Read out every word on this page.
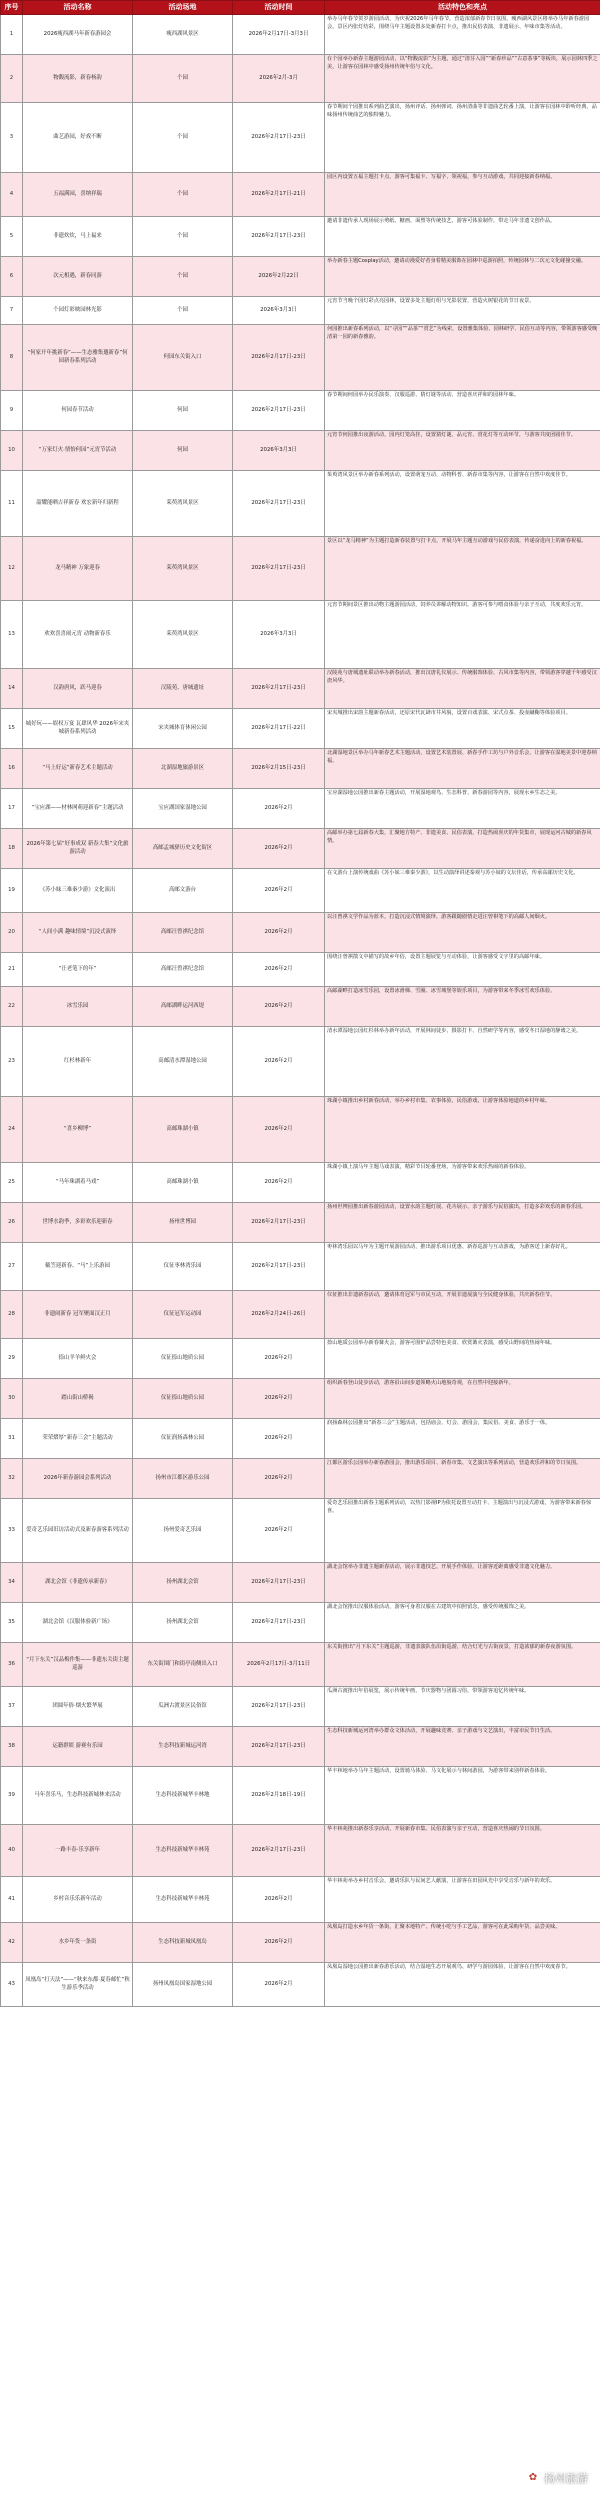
序号	活动名称	活动场地	活动时间	活动特色和亮点
1	2026瘦西湖马年新春游园会	瘦西湖风景区	2026年2月17日-3月3日	举办马年春节贺岁游园活动，为庆祝2026年马年春节，营造浓郁新春节日氛围，瘦西湖风景区将举办马年新春游园会。景区内张灯结彩，围绕马年主题设置多处新春打卡点，推出民俗表演、非遗展示、年味市集等活动。
2	物馥流影，新春杨韵	个园	2026年2月-3月	在个园举办新春主题游园活动，以“物馥流影”为主题，通过“清芬入园”“新春珍品”“古意茶事”等板块，展示园林四季之美，让游客在园林中感受扬州传统年俗与文化。
3	曲艺游园，好戏不断	个园	2026年2月17日-23日	春节期间个园推出系列曲艺演出，扬州评话、扬州弹词、扬州清曲等非遗曲艺轮番上演，让游客在园林中聆听经典，品味扬州传统曲艺的独特魅力。
4	五福满园，喜纳祥瑞	个园	2026年2月17日-21日	园区内设置五福主题打卡点，游客可集福卡、写福字、领祝福，参与互动游戏，共同迎接新春纳福。
5	非遗炊炊，马上福来	个园	2026年2月17日-23日	邀请非遗传承人现场展示剪纸、糖画、面塑等传统技艺，游客可体验制作，带走马年非遗文创作品。
6	次元相遇，新春同游	个园	2026年2月22日	举办新春主题Cosplay活动，邀请动漫爱好者身着精美服饰在园林中巡游拍照，传统园林与二次元文化碰撞交融。
7	个园灯彩映园林光影	个园	2026年3月3日	元宵节当晚个园灯彩点亮园林，设置多处主题灯组与光影装置，营造火树银花的节日夜景。
8	“何家开年挑新春”——生态雅集邀新春”何园新春系列活动	何园东关街入口	2026年2月17日-23日	何园推出新春系列活动，以“寻园”“品茶”“赏艺”为线索，设置雅集体验、园林研学、民俗互动等内容，带领游客感受晚清第一园的新春雅韵。
9	何园春节活动	何园	2026年2月17日-23日	春节期间何园举办民乐演奏、汉服巡游、猜灯谜等活动，营造喜庆祥和的园林年味。
10	“万家灯火·情怡何园”元宵节活动	何园	2026年3月3日	元宵节何园推出夜游活动，园内灯笼高挂，设置猜灯谜、品元宵、赏花灯等互动环节，与游客共度团圆佳节。
11	韶耀能晒吉祥新春 欢宏新年归新程	茱萸湾风景区	2026年2月17日-23日	茱萸湾风景区举办新春系列活动，设置萌宠互动、动物科普、新春市集等内容，让游客在自然中欢度佳节。
12	龙马精神 万象迎春	茱萸湾风景区	2026年2月17日-23日	景区以“龙马精神”为主题打造新春装置与打卡点，开展马年主题互动游戏与民俗表演，传递奋进向上的新春祝福。
13	欢欢喜喜闹元宵 动物新春乐	茱萸湾风景区	2026年3月3日	元宵节期间景区推出动物主题游园活动，饲养员讲解动物知识，游客可参与喂食体验与亲子互动，共度欢乐元宵。
14	汉韵唐风，跃马迎春	汉陵苑、唐城遗址	2026年2月17日-23日	汉陵苑与唐城遗址联动举办新春活动，推出汉唐礼仪展示、传统服饰体验、古风市集等内容，带领游客穿越千年感受汉唐风华。
15	城好玩——娱权万宴 瓦肆风华 2026年宋夹城新春系列活动	宋夹城体育休闲公园	2026年2月17日-22日	宋夹城推出宋韵主题新春活动，还原宋代瓦肆市井风貌，设置百戏表演、宋式点茶、投壶蹴鞠等体验项目。
16	“马上好运”新春艺术主题活动	北湖湿地旅游景区	2026年2月15日-23日	北湖湿地景区举办马年新春艺术主题活动，设置艺术装置展、新春手作工坊与户外音乐会，让游客在湿地美景中迎春纳福。
17	“宝应湖——材林网萌迎新春”主题活动	宝应湖国家湿地公园	2026年2月	宝应湖湿地公园推出新春主题活动，开展湿地观鸟、生态科普、新春游园等内容，展现水乡生态之美。
18	2026年第七届“好事成双 新春大集”文化旅游活动	高邮孟城驿历史文化街区	2026年2月	高邮举办第七届新春大集，汇聚地方特产、非遗美食、民俗表演，打造热闹喜庆的年货集市，展现运河古城的新春风情。
19	《苏小妹三难秦少游》文化演出	高邮文游台	2026年2月	在文游台上演传统戏曲《苏小妹三难秦少游》，以生动演绎讲述秦观与苏小妹的文坛佳话，传承高邮历史文化。
20	“人间小满 趣味情境”沉浸式演绎	高邮汪曾祺纪念馆	2026年2月	以汪曾祺文学作品为蓝本，打造沉浸式情境演绎，游客跟随剧情走进汪曾祺笔下的高邮人间烟火。
21	“汪老笔下的年”	高邮汪曾祺纪念馆	2026年2月	围绕汪曾祺散文中描写的故乡年俗，设置主题展览与互动体验，让游客感受文字里的高邮年味。
22	冰雪乐园	高邮湖畔运河西堤	2026年2月	高邮湖畔打造冰雪乐园，设置冰滑梯、雪圈、冰雪城堡等娱乐项目，为游客带来冬季冰雪欢乐体验。
23	红杉林新年	高邮清水潭湿地公园	2026年2月	清水潭湿地公园红杉林举办新年活动，开展林间徒步、摄影打卡、自然研学等内容，感受冬日湿地的静谧之美。
24	“喜乡柳博”	高邮珠湖小镇	2026年2月	珠湖小镇推出乡村新春活动，举办乡村市集、农事体验、民俗游戏，让游客体验地道的乡村年味。
25	“马年珠湖着马戏”	高邮珠湖小镇	2026年2月	珠湖小镇上演马年主题马戏表演，精彩节目轮番登场，为游客带来欢乐热闹的新春体验。
26	世博水韵季，多彩欢乐迎新春	扬州世博园	2026年2月17日-23日	扬州世博园推出新春游园活动，设置水韵主题灯展、花卉展示、亲子游乐与民俗演出，打造多彩欢乐的新春乐园。
27	戴笠迎新春、“马”上乐游园	仪征枣林湾乐园	2026年2月17日-23日	枣林湾乐园以马年为主题开展游园活动，推出游乐项目优惠、新春巡游与互动游戏，为游客送上新春好礼。
28	非遗闹新春 冠军聚面汉正月	仪征冠军运动园	2026年2月24日-26日	仪征推出非遗新春活动，邀请体育冠军与市民互动，开展非遗展演与全民健身体验，共庆新春佳节。
29	捺山羊羊鲜火会	仪征捺山地质公园	2026年2月	捺山地质公园举办新春篝火会，游客可围炉品尝特色美食、欣赏篝火表演，感受山野间的热闹年味。
30	踏山街山桥褐	仪征捺山地质公园	2026年2月	组织新春登山徒步活动，游客沿山间步道领略火山地貌奇观，在自然中迎接新年。
31	荣荣熠厚“新春三会”主题活动	仪征润扬森林公园	2026年2月	润扬森林公园推出“新春三会”主题活动，包括庙会、灯会、游园会，集民俗、美食、游乐于一体。
32	2026年新春游园会系列活动	扬州市江都区游乐公园	2026年2月	江都区游乐公园举办新春游园会，推出游乐项目、新春市集、文艺演出等系列活动，营造欢乐祥和的节日氛围。
33	爱奇艺乐园旧访活动式及新春游客系列活动	扬州爱奇艺乐园	2026年2月	爱奇艺乐园推出新春主题系列活动，以热门影视IP为依托设置互动打卡、主题演出与沉浸式游戏，为游客带来新春惊喜。
34	湖北会馆《非遗传承新春》	扬州湖北会馆	2026年2月17日-23日	湖北会馆举办非遗主题新春活动，展示非遗技艺、开展手作体验，让游客近距离感受非遗文化魅力。
35	湖北会馆《汉服体验新广场》	扬州湖北会馆	2026年2月17日-23日	湖北会馆推出汉服体验活动，游客可身着汉服在古建筑中拍照留念，感受传统服饰之美。
36	“月下东关”汉品梅作集——非遗东关街主题巡游	东关街围门和街亭南侧出入口	2026年2月17日-3月11日	东关街推出“月下东关”主题巡游，非遗表演队伍沿街巡游，结合灯光与古街夜景，打造浓郁的新春夜游氛围。
37	团圆年俗·烟火繁华展	瓜洲古渡景区民俗馆	2026年2月17日-23日	瓜洲古渡推出年俗展览，展示传统年画、节庆器物与团圆习俗，带领游客追忆传统年味。
38	运籍群娱 游赛有乐园	生态科技新城运河湾	2026年2月17日-23日	生态科技新城运河湾举办群众文体活动，开展趣味竞赛、亲子游戏与文艺演出，丰富市民节日生活。
39	马年喜乐马，生态科技新城林来活动	生态科技新城华丰林地	2026年2月18日-19日	华丰林地举办马年主题活动，设置骑马体验、马文化展示与林间游园，为游客带来别样新春体验。
40	一路丰春·乐享新年	生态科技新城华丰林苑	2026年2月17日-23日	华丰林苑推出新春乐享活动，开展新春市集、民俗表演与亲子互动，营造喜庆热闹的节日氛围。
41	乡村音乐乐新年活动	生态科技新城华丰林苑	2026年2月	华丰林苑举办乡村音乐会，邀请乐队与民间艺人献演，让游客在田园风光中享受音乐与新年的欢乐。
42	水乡年货一条街	生态科技新城凤凰岛	2026年2月	凤凰岛打造水乡年货一条街，汇聚本地特产、传统小吃与手工艺品，游客可在此采购年货、品尝美味。
43	凤凰岛“打天法”——“秋来东都·夏春邮忙”秋生游乐季活动	扬州凤凰岛国家湿地公园	2026年2月	凤凰岛湿地公园推出新春游乐活动，结合湿地生态开展观鸟、研学与游园体验，让游客在自然中欢度春节。
✿ 扬州旅游
